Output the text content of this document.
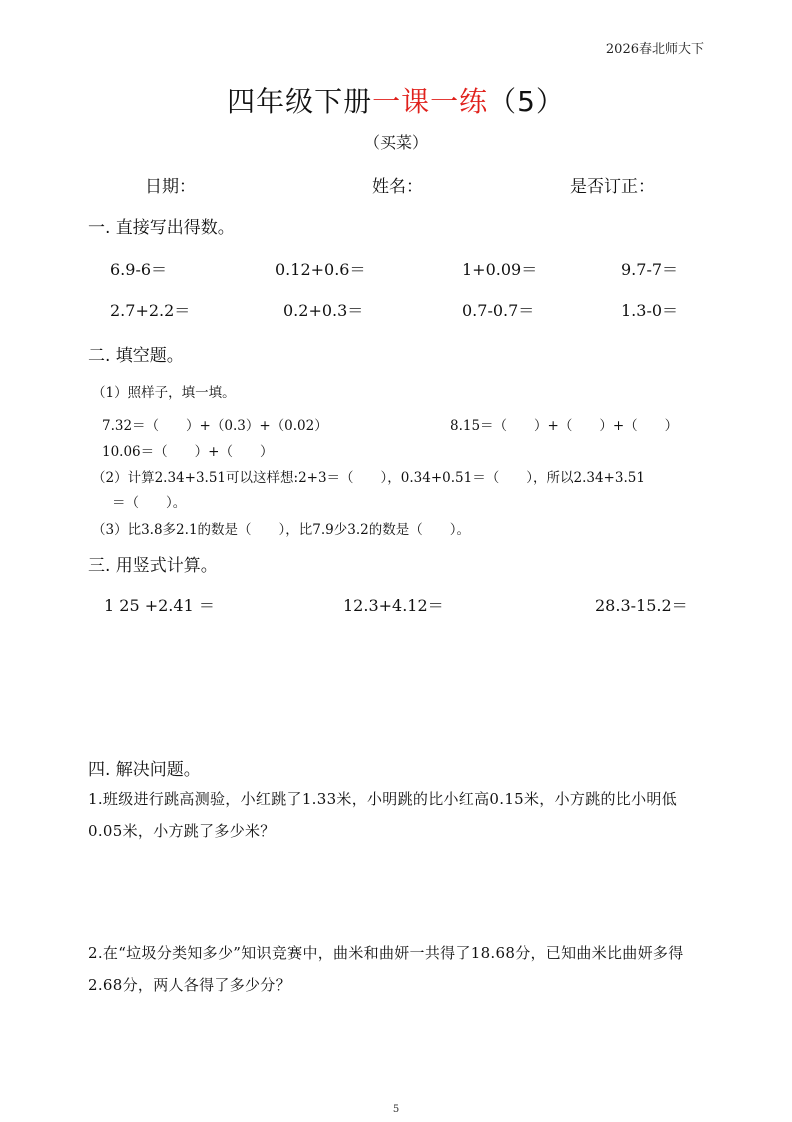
2026春北师大下
四年级下册一课一练（5）
（买菜）
日期：	姓名：	是否订正：
一. 直接写出得数。
6.9-6＝	0.12+0.6＝	1+0.09＝	9.7-7＝
2.7+2.2＝	0.2+0.3＝	0.7-0.7＝	1.3-0＝
二. 填空题。
（1）照样子，填一填。
7.32＝（　　）+（0.3）+（0.02）	8.15＝（　　）+（　　）+（　　）
10.06＝（　　）+（　　）
（2）计算2.34+3.51可以这样想:2+3＝（　　），0.34+0.51＝（　　），所以2.34+3.51
＝（　　）。
（3）比3.8多2.1的数是（　　），比7.9少3.2的数是（　　）。
三. 用竖式计算。
1 25 +2.41 ＝	12.3+4.12＝	28.3-15.2＝
四. 解决问题。
1.班级进行跳高测验，小红跳了1.33米，小明跳的比小红高0.15米，小方跳的比小明低0.05米，小方跳了多少米？
2.在“垃圾分类知多少”知识竞赛中，曲米和曲妍一共得了18.68分，已知曲米比曲妍多得2.68分，两人各得了多少分？
5
